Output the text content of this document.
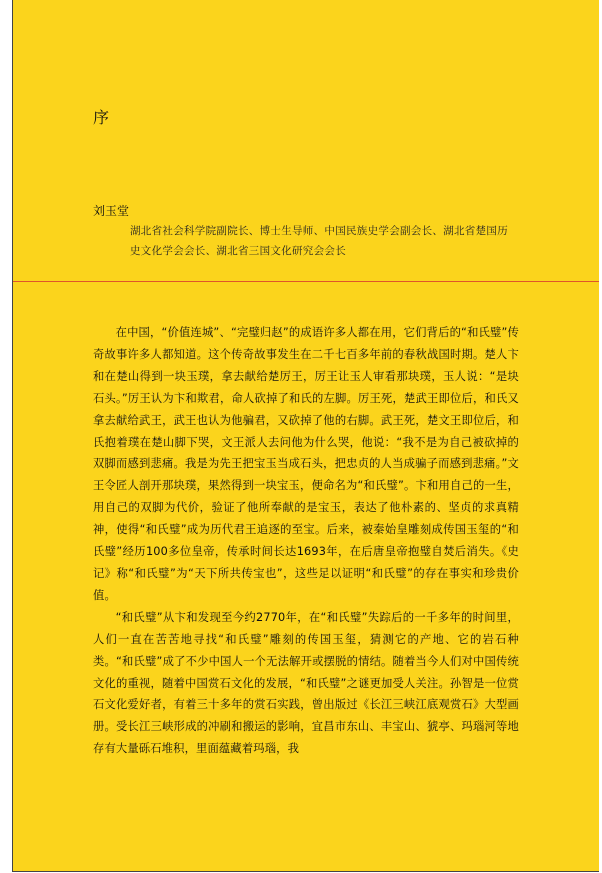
序
刘玉堂
湖北省社会科学院副院长、博士生导师、中国民族史学会副会长、湖北省楚国历史文化学会会长、湖北省三国文化研究会会长

在中国，“价值连城”、“完璧归赵”的成语许多人都在用，它们背后的“和氏璧”传奇故事许多人都知道。这个传奇故事发生在二千七百多年前的春秋战国时期。楚人卞和在楚山得到一块玉璞，拿去献给楚厉王，厉王让玉人审看那块璞，玉人说：“是块石头。”厉王认为卞和欺君，命人砍掉了和氏的左脚。厉王死，楚武王即位后，和氏又拿去献给武王，武王也认为他骗君，又砍掉了他的右脚。武王死，楚文王即位后，和氏抱着璞在楚山脚下哭，文王派人去问他为什么哭，他说：“我不是为自己被砍掉的双脚而感到悲痛。我是为先王把宝玉当成石头，把忠贞的人当成骗子而感到悲痛。”文王令匠人剖开那块璞，果然得到一块宝玉，便命名为“和氏璧”。卞和用自己的一生，用自己的双脚为代价，验证了他所奉献的是宝玉，表达了他朴素的、坚贞的求真精神，使得“和氏璧”成为历代君王追逐的至宝。后来，被秦始皇雕刻成传国玉玺的“和氏璧”经历100多位皇帝，传承时间长达1693年，在后唐皇帝抱璧自焚后消失。《史记》称“和氏璧”为“天下所共传宝也”，这些足以证明“和氏璧”的存在事实和珍贵价值。

“和氏璧”从卞和发现至今约2770年，在“和氏璧”失踪后的一千多年的时间里，人们一直在苦苦地寻找“和氏璧”雕刻的传国玉玺，猜测它的产地、它的岩石种类。“和氏璧”成了不少中国人一个无法解开或摆脱的情结。随着当今人们对中国传统文化的重视，随着中国赏石文化的发展，“和氏璧”之谜更加受人关注。孙智是一位赏石文化爱好者，有着三十多年的赏石实践，曾出版过《长江三峡江底观赏石》大型画册。受长江三峡形成的冲刷和搬运的影响，宜昌市东山、丰宝山、猇亭、玛瑙河等地存有大量砾石堆积，里面蕴藏着玛瑙，我
